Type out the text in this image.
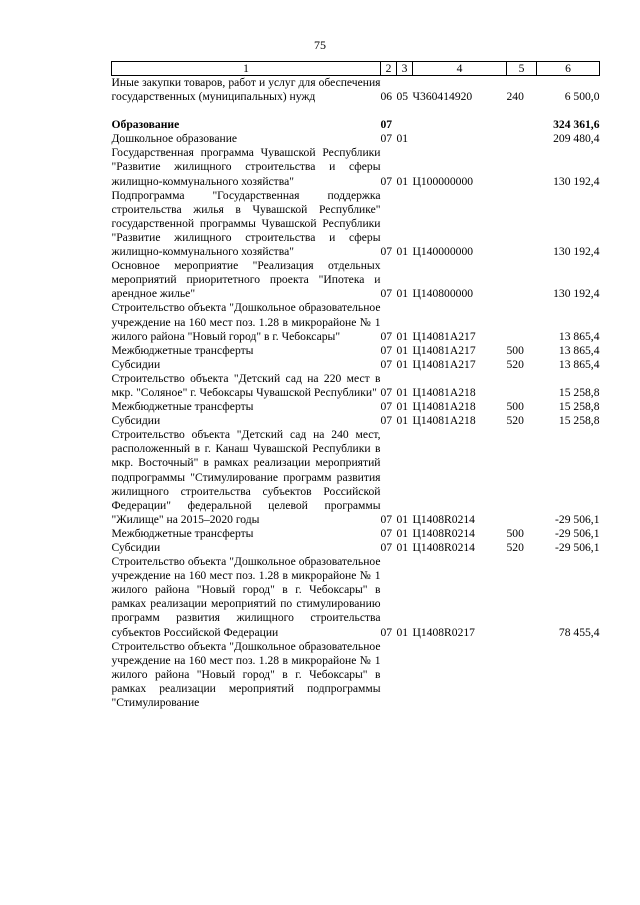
75
1	2	3	4	5	6
Иные закупки товаров, работ и услуг для обеспечения государственных (муниципальных) нужд	06	05	Ч360414920	240	6 500,0

Образование	07				324 361,6
Дошкольное образование	07	01			209 480,4
Государственная программа Чувашской Республики "Развитие жилищного строительства и сферы жилищно-коммунального хозяйства"	07	01	Ц100000000		130 192,4
Подпрограмма "Государственная поддержка строительства жилья в Чувашской Республике" государственной программы Чувашской Республики "Развитие жилищного строительства и сферы жилищно-коммунального хозяйства"	07	01	Ц140000000		130 192,4
Основное мероприятие "Реализация отдельных мероприятий приоритетного проекта "Ипотека и арендное жилье"	07	01	Ц140800000		130 192,4
Строительство объекта "Дошкольное образовательное учреждение на 160 мест поз. 1.28 в микрорайоне № 1 жилого района "Новый город" в г. Чебоксары"	07	01	Ц14081А217		13 865,4
Межбюджетные трансферты	07	01	Ц14081А217	500	13 865,4
Субсидии	07	01	Ц14081А217	520	13 865,4
Строительство объекта "Детский сад на 220 мест в мкр. "Соляное" г. Чебоксары Чувашской Республики"	07	01	Ц14081А218		15 258,8
Межбюджетные трансферты	07	01	Ц14081А218	500	15 258,8
Субсидии	07	01	Ц14081А218	520	15 258,8
Строительство объекта "Детский сад на 240 мест, расположенный в г. Канаш Чувашской Республики в мкр. Восточный" в рамках реализации мероприятий подпрограммы "Стимулирование программ развития жилищного строительства субъектов Российской Федерации" федеральной целевой программы "Жилище" на 2015–2020 годы	07	01	Ц1408R0214		-29 506,1
Межбюджетные трансферты	07	01	Ц1408R0214	500	-29 506,1
Субсидии	07	01	Ц1408R0214	520	-29 506,1
Строительство объекта "Дошкольное образовательное учреждение на 160 мест поз. 1.28 в микрорайоне № 1 жилого района "Новый город" в г. Чебоксары" в рамках реализации мероприятий по стимулированию программ развития жилищного строительства субъектов Российской Федерации	07	01	Ц1408R0217		78 455,4
Строительство объекта "Дошкольное образовательное учреждение на 160 мест поз. 1.28 в микрорайоне № 1 жилого района "Новый город" в г. Чебоксары" в рамках реализации мероприятий подпрограммы "Стимулирование					
